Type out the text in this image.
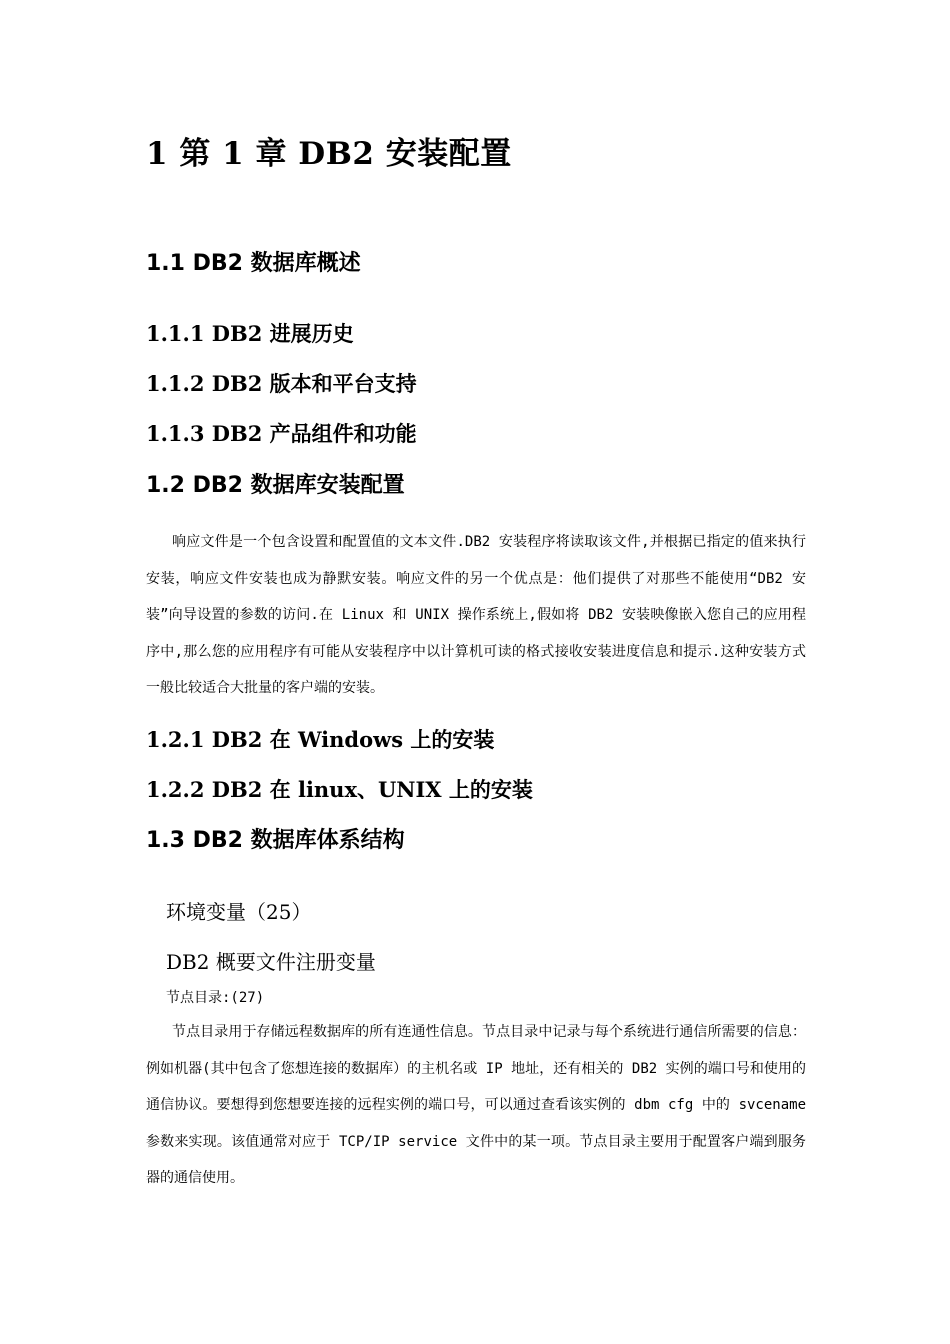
1 第 1 章 DB2 安装配置
1.1 DB2 数据库概述
1.1.1 DB2 进展历史
1.1.2 DB2 版本和平台支持
1.1.3 DB2 产品组件和功能
1.2 DB2 数据库安装配置

响应文件是一个包含设置和配置值的文本文件.DB2 安装程序将读取该文件,并根据已指定的值来执行安装，响应文件安装也成为静默安装。响应文件的另一个优点是：他们提供了对那些不能使用“DB2 安装”向导设置的参数的访问.在 Linux 和 UNIX 操作系统上,假如将 DB2 安装映像嵌入您自己的应用程序中,那么您的应用程序有可能从安装程序中以计算机可读的格式接收安装进度信息和提示.这种安装方式一般比较适合大批量的客户端的安装。

1.2.1 DB2 在 Windows 上的安装
1.2.2 DB2 在 linux、UNIX 上的安装
1.3 DB2 数据库体系结构
环境变量（25）
DB2 概要文件注册变量
节点目录:(27)

节点目录用于存储远程数据库的所有连通性信息。节点目录中记录与每个系统进行通信所需要的信息：例如机器(其中包含了您想连接的数据库）的主机名或 IP 地址，还有相关的 DB2 实例的端口号和使用的通信协议。要想得到您想要连接的远程实例的端口号，可以通过查看该实例的 dbm cfg 中的 svcename 参数来实现。该值通常对应于 TCP/IP service 文件中的某一项。节点目录主要用于配置客户端到服务器的通信使用。
